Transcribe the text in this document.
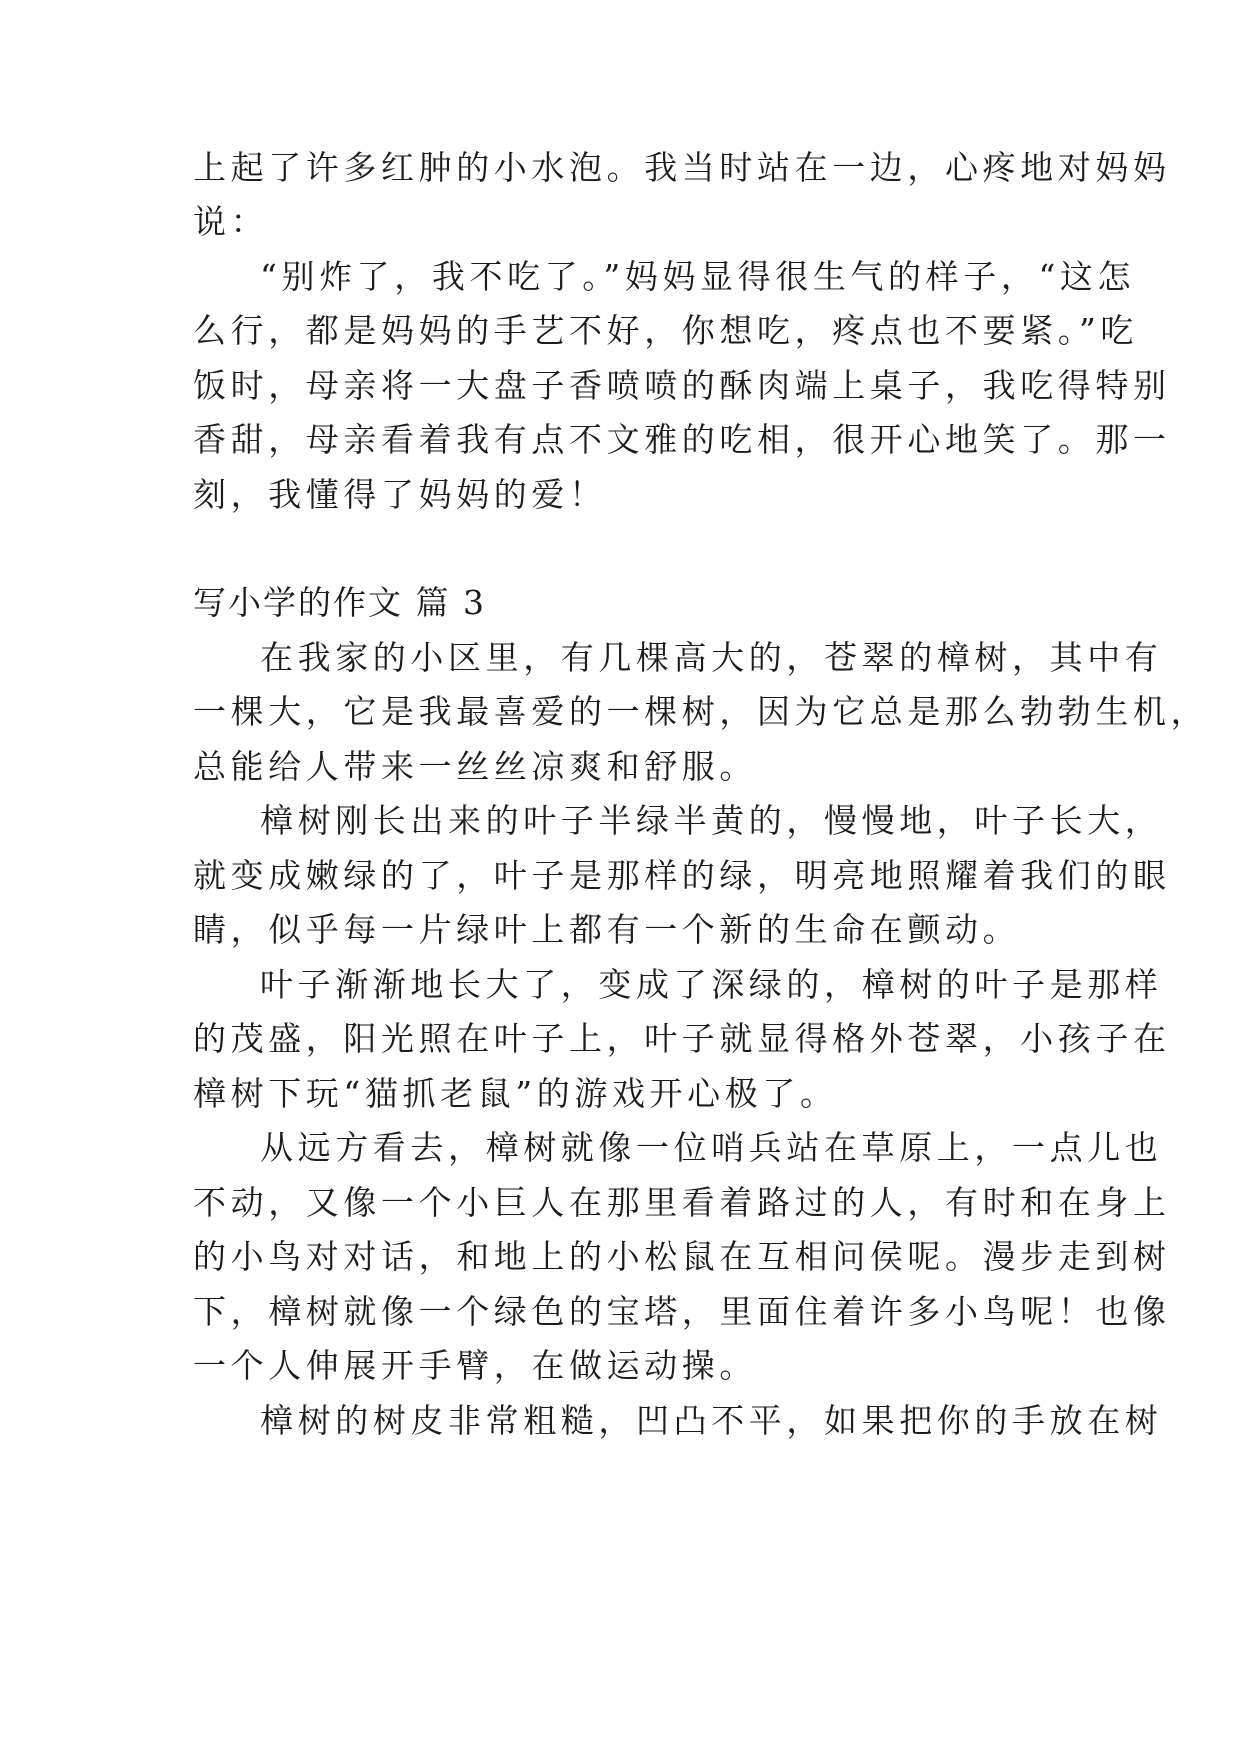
上起了许多红肿的小水泡。我当时站在一边，心疼地对妈妈
说：
“别炸了，我不吃了。”妈妈显得很生气的样子，“这怎
么行，都是妈妈的手艺不好，你想吃，疼点也不要紧。”吃
饭时，母亲将一大盘子香喷喷的酥肉端上桌子，我吃得特别
香甜，母亲看着我有点不文雅的吃相，很开心地笑了。那一
刻，我懂得了妈妈的爱！
写小学的作文 篇 3
在我家的小区里，有几棵高大的，苍翠的樟树，其中有
一棵大，它是我最喜爱的一棵树，因为它总是那么勃勃生机，
总能给人带来一丝丝凉爽和舒服。
樟树刚长出来的叶子半绿半黄的，慢慢地，叶子长大，
就变成嫩绿的了，叶子是那样的绿，明亮地照耀着我们的眼
睛，似乎每一片绿叶上都有一个新的生命在颤动。
叶子渐渐地长大了，变成了深绿的，樟树的叶子是那样
的茂盛，阳光照在叶子上，叶子就显得格外苍翠，小孩子在
樟树下玩“猫抓老鼠”的游戏开心极了。
从远方看去，樟树就像一位哨兵站在草原上，一点儿也
不动，又像一个小巨人在那里看着路过的人，有时和在身上
的小鸟对对话，和地上的小松鼠在互相问侯呢。漫步走到树
下，樟树就像一个绿色的宝塔，里面住着许多小鸟呢！也像
一个人伸展开手臂，在做运动操。
樟树的树皮非常粗糙，凹凸不平，如果把你的手放在树
